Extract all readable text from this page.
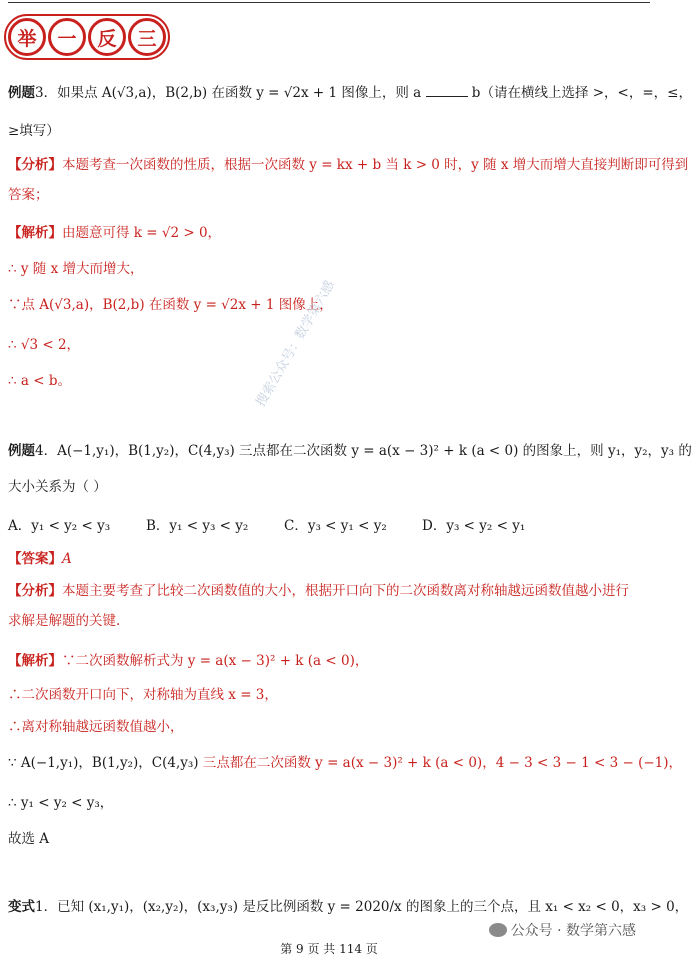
举	一	反	三
例题3．如果点 A(√3,a)，B(2,b) 在函数 y = √2x + 1 图像上，则 a	b（请在横线上选择 >，<，=，≤，
≥填写）
【分析】本题考查一次函数的性质，根据一次函数 y = kx + b 当 k > 0 时，y 随 x 增大而增大直接判断即可得到
答案；
【解析】由题意可得 k = √2 > 0，
∴ y 随 x 增大而增大，
∵点 A(√3,a)，B(2,b) 在函数 y = √2x + 1 图像上，
∴ √3 < 2，
∴ a < b。
例题4．A(−1,y₁)，B(1,y₂)，C(4,y₃) 三点都在二次函数 y = a(x − 3)² + k (a < 0) 的图象上，则 y₁，y₂，y₃ 的
大小关系为（ ）
A．y₁ < y₂ < y₃	B．y₁ < y₃ < y₂	C．y₃ < y₁ < y₂	D．y₃ < y₂ < y₁
【答案】A
【分析】本题主要考查了比较二次函数值的大小，根据开口向下的二次函数离对称轴越远函数值越小进行
求解是解题的关键.
【解析】∵二次函数解析式为 y = a(x − 3)² + k (a < 0)，
∴二次函数开口向下，对称轴为直线 x = 3，
∴离对称轴越远函数值越小，
∵ A(−1,y₁)，B(1,y₂)，C(4,y₃) 三点都在二次函数 y = a(x − 3)² + k (a < 0)，4 − 3 < 3 − 1 < 3 − (−1)，
∴ y₁ < y₂ < y₃，
故选 A
变式1．已知 (x₁,y₁)，(x₂,y₂)，(x₃,y₃) 是反比例函数 y = 2020/x 的图象上的三个点，且 x₁ < x₂ < 0，x₃ > 0，
搜索公众号：数学第六感
公众号 · 数学第六感
第 9 页 共 114 页
